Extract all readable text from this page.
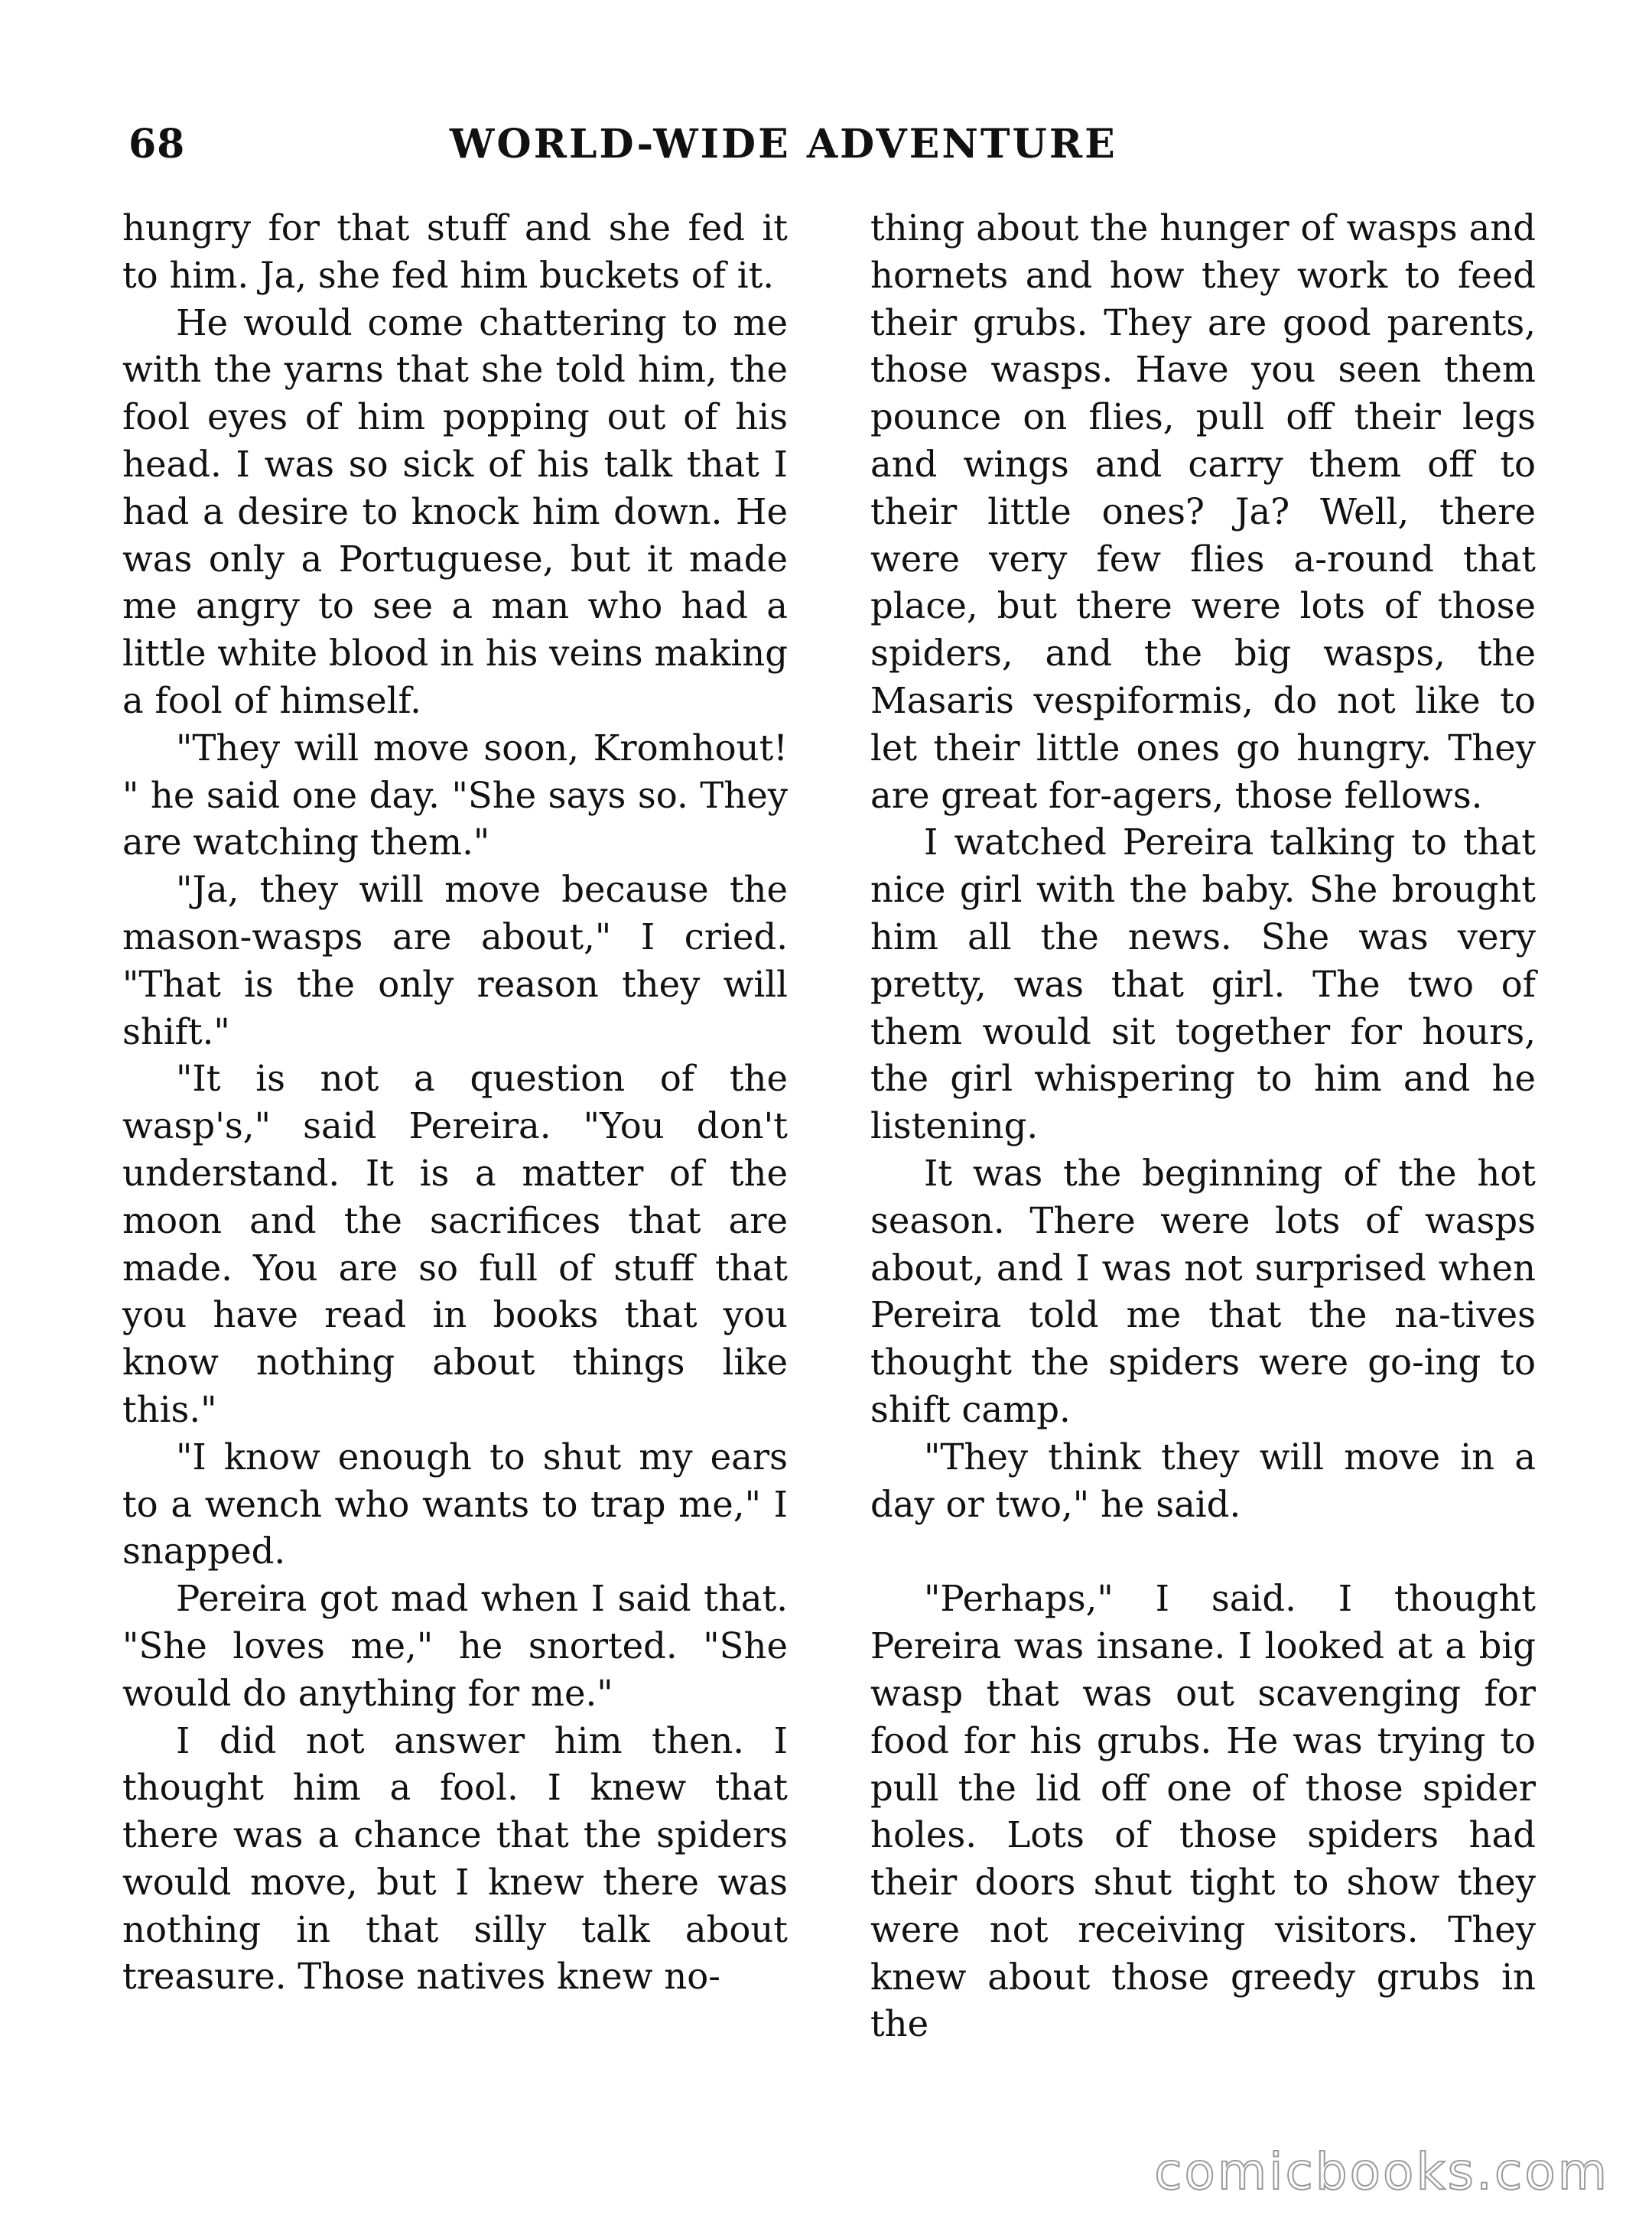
68	WORLD-WIDE ADVENTURE

hungry for that stuff and she fed it to him. Ja, she fed him buckets of it.

He would come chattering to me with the yarns that she told him, the fool eyes of him popping out of his head. I was so sick of his talk that I had a desire to knock him down. He was only a Portuguese, but it made me angry to see a man who had a little white blood in his veins making a fool of himself.

"They will move soon, Kromhout! " he said one day. "She says so. They are watching them."

"Ja, they will move because the mason-wasps are about," I cried. "That is the only reason they will shift."

"It is not a question of the wasp's," said Pereira. "You don't understand. It is a matter of the moon and the sacrifices that are made. You are so full of stuff that you have read in books that you know nothing about things like this."

"I know enough to shut my ears to a wench who wants to trap me," I snapped.

Pereira got mad when I said that. "She loves me," he snorted. "She would do anything for me."

I did not answer him then. I thought him a fool. I knew that there was a chance that the spiders would move, but I knew there was nothing in that silly talk about treasure. Those natives knew no-

thing about the hunger of wasps and hornets and how they work to feed their grubs. They are good parents, those wasps. Have you seen them pounce on flies, pull off their legs and wings and carry them off to their little ones? Ja? Well, there were very few flies a-round that place, but there were lots of those spiders, and the big wasps, the Masaris vespiformis, do not like to let their little ones go hungry. They are great for-agers, those fellows.

I watched Pereira talking to that nice girl with the baby. She brought him all the news. She was very pretty, was that girl. The two of them would sit together for hours, the girl whispering to him and he listening.

It was the beginning of the hot season. There were lots of wasps about, and I was not surprised when Pereira told me that the na-tives thought the spiders were go-ing to shift camp.

"They think they will move in a day or two," he said.

"Perhaps," I said. I thought Pereira was insane. I looked at a big wasp that was out scavenging for food for his grubs. He was trying to pull the lid off one of those spider holes. Lots of those spiders had their doors shut tight to show they were not receiving visitors. They knew about those greedy grubs in the

comicbooks.com
